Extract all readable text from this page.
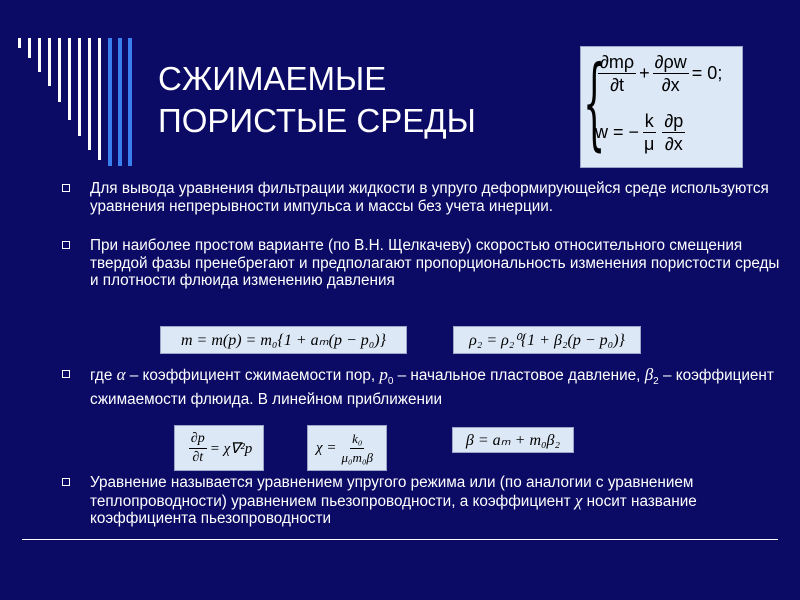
СЖИМАЕМЫЕ
ПОРИСТЫЕ СРЕДЫ	{
$\frac{\partial m\rho}{\partial t} + \frac{\partial\rho w}{\partial x} = 0$;
w = − $\frac{k}{\mu} \frac{\partial p}{\partial x}$
Для вывода уравнения фильтрации жидкости в упруго деформирующейся среде используются уравнения непрерывности импульса и массы без учета инерции.
При наиболее простом варианте (по В.Н. Щелкачеву) скоростью относительного смещения твердой фазы пренебрегают и предполагают пропорциональность изменения пористости среды и плотности флюида изменению давления
m = m(p) = m₀{1 + aₘ(p − p₀)}	ρ₂ = ρ₂⁰{1 + β₂(p − p₀)}
где α – коэффициент сжимаемости пор, $p_0$ – начальное пластовое давление, $\beta_2$ – коэффициент сжимаемости флюида. В линейном приближении
$\frac{\partial p}{\partial t} = \chi\nabla^2p$	$\chi = \frac{\text{k₀}}{\text{μ₀m₀β}}$	β = aₘ + m₀β₂
Уравнение называется уравнением упругого режима или (по аналогии с уравнением теплопроводности) уравнением пьезопроводности, а коэффициент χ носит название коэффициента пьезопроводности
